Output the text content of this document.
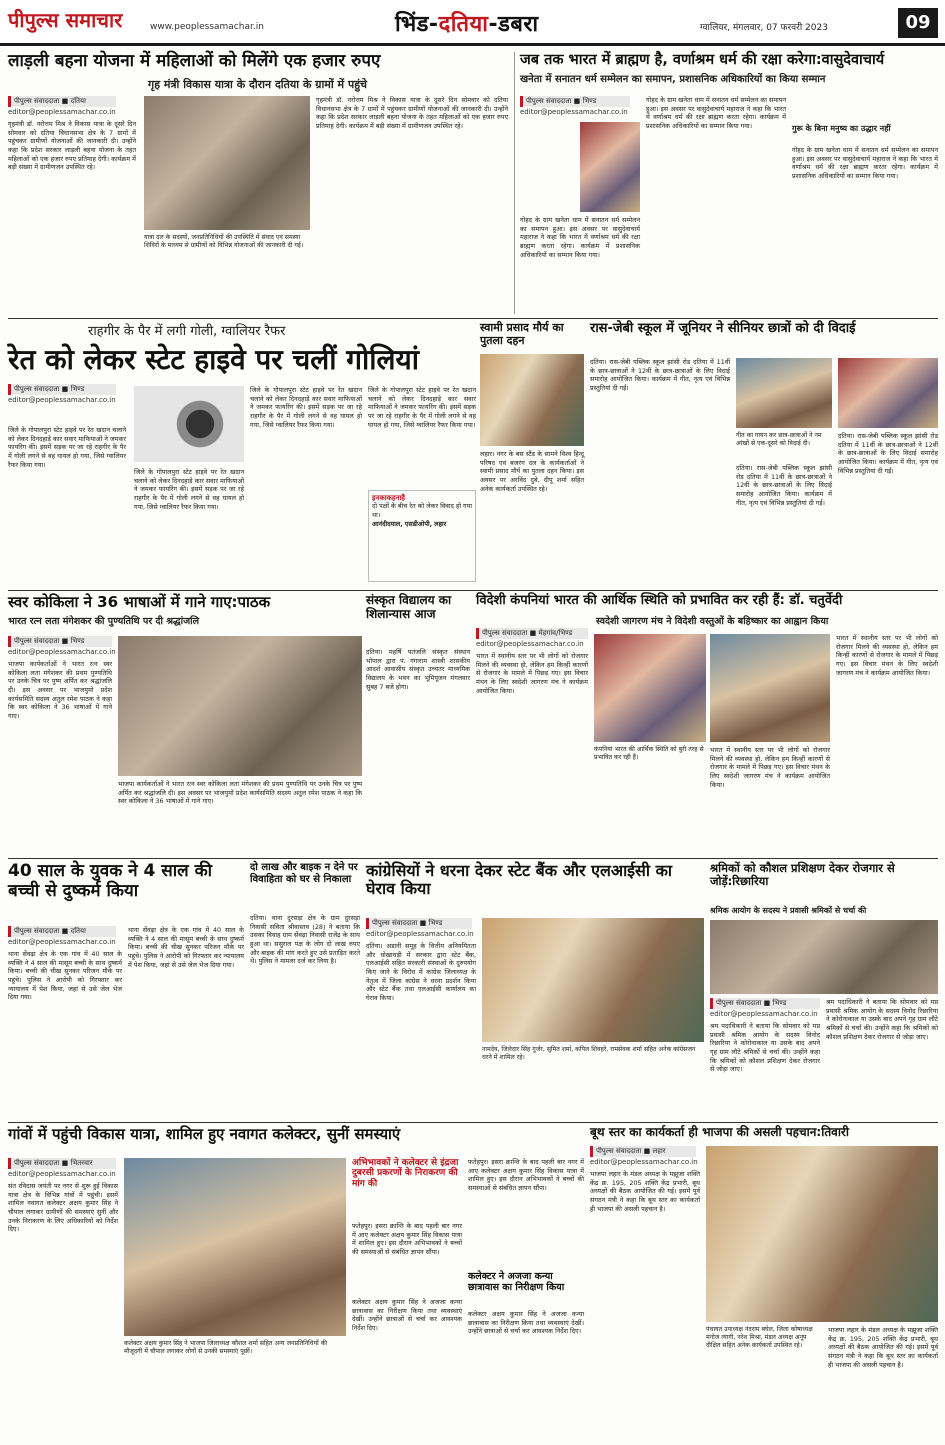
पीपुल्स समाचार	www.peoplessamachar.in	भिंड-दतिया-डबरा	ग्वालियर, मंगलवार, 07 फरवरी 2023	09
लाड़ली बहना योजना में महिलाओं को मिलेंगे एक हजार रुपए
गृह मंत्री विकास यात्रा के दौरान दतिया के ग्रामों में पहुंचे
पीपुल्स संवाददाता ■ दतिया
editor@peoplessamachar.co.in
गृहमंत्री डॉ. नरोत्तम मिश्र ने विकास यात्रा के दूसरे दिन सोमवार को दतिया विधानसभा क्षेत्र के 7 ग्रामों में पहुंचकर ग्रामीणों योजनाओं की जानकारी दी। उन्होंने कहा कि प्रदेश सरकार लाड़ली बहना योजना के तहत महिलाओं को एक हजार रुपए प्रतिमाह देगी। कार्यक्रम में बड़ी संख्या में ग्रामीणजन उपस्थित रहे।
यात्रा दल के सदस्यों, जनप्रतिनिधियों की उपस्थिति में संवाद एवं समस्या शिविरों के माध्यम से ग्रामीणों को विभिन्न योजनाओं की जानकारी दी गई।
गृहमंत्री डॉ. नरोत्तम मिश्र ने विकास यात्रा के दूसरे दिन सोमवार को दतिया विधानसभा क्षेत्र के 7 ग्रामों में पहुंचकर ग्रामीणों योजनाओं की जानकारी दी। उन्होंने कहा कि प्रदेश सरकार लाड़ली बहना योजना के तहत महिलाओं को एक हजार रुपए प्रतिमाह देगी। कार्यक्रम में बड़ी संख्या में ग्रामीणजन उपस्थित रहे।
जब तक भारत में ब्राह्मण है, वर्णाश्रम धर्म की रक्षा करेगा:वासुदेवाचार्य
खनेता में सनातन धर्म सम्मेलन का समापन, प्रशासनिक अधिकारियों का किया सम्मान
पीपुल्स संवाददाता ■ भिण्ड
editor@peoplessamachar.co.in
गोहद के ग्राम खनेता धाम में सनातन धर्म सम्मेलन का समापन हुआ। इस अवसर पर वासुदेवाचार्य महाराज ने कहा कि भारत में वर्णाश्रम धर्म की रक्षा ब्राह्मण करता रहेगा। कार्यक्रम में प्रशासनिक अधिकारियों का सम्मान किया गया।
गोहद के ग्राम खनेता धाम में सनातन धर्म सम्मेलन का समापन हुआ। इस अवसर पर वासुदेवाचार्य महाराज ने कहा कि भारत में वर्णाश्रम धर्म की रक्षा ब्राह्मण करता रहेगा। कार्यक्रम में प्रशासनिक अधिकारियों का सम्मान किया गया।	गुरू के बिना मनुष्य का उद्धार नहीं
गोहद के ग्राम खनेता धाम में सनातन धर्म सम्मेलन का समापन हुआ। इस अवसर पर वासुदेवाचार्य महाराज ने कहा कि भारत में वर्णाश्रम धर्म की रक्षा ब्राह्मण करता रहेगा। कार्यक्रम में प्रशासनिक अधिकारियों का सम्मान किया गया।
राहगीर के पैर में लगी गोली, ग्वालियर रैफर
रेत को लेकर स्टेट हाइवे पर चलीं गोलियां
पीपुल्स संवाददाता ■ भिण्ड
editor@peoplessamachar.co.in
जिले के गोपालपुरा स्टेट हाइवे पर रेत खदान चलाने को लेकर दिनदहाड़े कार सवार माफियाओं ने जमकर फायरिंग की। इसमें सड़क पर जा रहे राहगीर के पैर में गोली लगने से वह घायल हो गया, जिसे ग्वालियर रैफर किया गया।
जिले के गोपालपुरा स्टेट हाइवे पर रेत खदान चलाने को लेकर दिनदहाड़े कार सवार माफियाओं ने जमकर फायरिंग की। इसमें सड़क पर जा रहे राहगीर के पैर में गोली लगने से वह घायल हो गया, जिसे ग्वालियर रैफर किया गया।
जिले के गोपालपुरा स्टेट हाइवे पर रेत खदान चलाने को लेकर दिनदहाड़े कार सवार माफियाओं ने जमकर फायरिंग की। इसमें सड़क पर जा रहे राहगीर के पैर में गोली लगने से वह घायल हो गया, जिसे ग्वालियर रैफर किया गया।
जिले के गोपालपुरा स्टेट हाइवे पर रेत खदान चलाने को लेकर दिनदहाड़े कार सवार माफियाओं ने जमकर फायरिंग की। इसमें सड़क पर जा रहे राहगीर के पैर में गोली लगने से वह घायल हो गया, जिसे ग्वालियर रैफर किया गया।
इनकाकहनाहै
दो पक्षों के बीच रेत को लेकर विवाद हो गया था।
आनंदीदयाल, एसडीओपी, लहार
स्वामी प्रसाद मौर्य का पुतला दहन
लहार। नगर के बस स्टैंड के सामने विश्व हिन्दू परिषद एवं बजरंग दल के कार्यकर्ताओं ने स्वामी प्रसाद मौर्य का पुतला दहन किया। इस अवसर पर अरविंद दुबे, दीपू शर्मा सहित अनेक कार्यकर्ता उपस्थित रहे।
रास-जेबी स्कूल में जूनियर ने सीनियर छात्रों को दी विदाई
दतिया। रास-जेबी पब्लिक स्कूल झांसी रोड दतिया में 11वीं के छात्र-छात्राओं ने 12वीं के छात्र-छात्राओं के लिए विदाई समारोह आयोजित किया। कार्यक्रम में गीत, नृत्य एवं विभिन्न प्रस्तुतियां दी गईं।
गीत का गायन कर छात्र-छात्राओं ने नम आंखों से एक-दूसरे को विदाई दी।
दतिया। रास-जेबी पब्लिक स्कूल झांसी रोड दतिया में 11वीं के छात्र-छात्राओं ने 12वीं के छात्र-छात्राओं के लिए विदाई समारोह आयोजित किया। कार्यक्रम में गीत, नृत्य एवं विभिन्न प्रस्तुतियां दी गईं।
दतिया। रास-जेबी पब्लिक स्कूल झांसी रोड दतिया में 11वीं के छात्र-छात्राओं ने 12वीं के छात्र-छात्राओं के लिए विदाई समारोह आयोजित किया। कार्यक्रम में गीत, नृत्य एवं विभिन्न प्रस्तुतियां दी गईं।
स्वर कोकिला ने 36 भाषाओं में गाने गाए:पाठक
भारत रत्न लता मंगेशकर की पुण्यतिथि पर दी श्रद्धांजलि
पीपुल्स संवाददाता ■ भिण्ड
editor@peoplessamachar.co.in
भाजपा कार्यकर्ताओं ने भारत रत्न स्वर कोकिला लता मंगेशकर की प्रथम पुण्यतिथि पर उनके चित्र पर पुष्प अर्पित कर श्रद्धांजलि दी। इस अवसर पर भाजयुमो प्रदेश कार्यसमिति सदस्य अतुल रमेश पाठक ने कहा कि स्वर कोकिला ने 36 भाषाओं में गाने गाए।
भाजपा कार्यकर्ताओं ने भारत रत्न स्वर कोकिला लता मंगेशकर की प्रथम पुण्यतिथि पर उनके चित्र पर पुष्प अर्पित कर श्रद्धांजलि दी। इस अवसर पर भाजयुमो प्रदेश कार्यसमिति सदस्य अतुल रमेश पाठक ने कहा कि स्वर कोकिला ने 36 भाषाओं में गाने गाए।
संस्कृत विद्यालय का शिलान्यास आज
दतिया। महर्षि पतंजलि संस्कृत संस्थान भोपाल द्वारा पं. गंगाराम शास्त्री शासकीय आदर्श आवासीय संस्कृत उच्चतर माध्यमिक विद्यालय के भवन का भूमिपूजन मंगलवार सुबह 7 बजे होगा।
विदेशी कंपनियां भारत की आर्थिक स्थिति को प्रभावित कर रही हैं: डॉ. चतुर्वेदी
स्वदेशी जागरण मंच ने विदेशी वस्तुओं के बहिष्कार का आह्वान किया
पीपुल्स संवाददाता ■ मेहगांव/भिण्ड
editor@peoplessamachar.co.in
भारत में स्थानीय स्तर पर भी लोगों को रोजगार मिलने की व्यवस्था हो, लेकिन हम किन्हीं कारणों से रोजगार के मामले में पिछड़ गए। इस विचार मंथन के लिए स्वदेशी जागरण मंच ने कार्यक्रम आयोजित किया।
कंपनियां भारत की आर्थिक स्थिति को बुरी तरह से प्रभावित कर रही हैं।
भारत में स्थानीय स्तर पर भी लोगों को रोजगार मिलने की व्यवस्था हो, लेकिन हम किन्हीं कारणों से रोजगार के मामले में पिछड़ गए। इस विचार मंथन के लिए स्वदेशी जागरण मंच ने कार्यक्रम आयोजित किया।
भारत में स्थानीय स्तर पर भी लोगों को रोजगार मिलने की व्यवस्था हो, लेकिन हम किन्हीं कारणों से रोजगार के मामले में पिछड़ गए। इस विचार मंथन के लिए स्वदेशी जागरण मंच ने कार्यक्रम आयोजित किया।
40 साल के युवक ने 4 साल की बच्ची से दुष्कर्म किया
पीपुल्स संवाददाता ■ दतिया
editor@peoplessamachar.co.in
थाना सेंवढ़ा क्षेत्र के एक गांव में 40 साल के व्यक्ति ने 4 साल की मासूम बच्ची के साथ दुष्कर्म किया। बच्ची की चीख सुनकर परिजन मौके पर पहुंचे। पुलिस ने आरोपी को गिरफ्तार कर न्यायालय में पेश किया, जहां से उसे जेल भेज दिया गया।
थाना सेंवढ़ा क्षेत्र के एक गांव में 40 साल के व्यक्ति ने 4 साल की मासूम बच्ची के साथ दुष्कर्म किया। बच्ची की चीख सुनकर परिजन मौके पर पहुंचे। पुलिस ने आरोपी को गिरफ्तार कर न्यायालय में पेश किया, जहां से उसे जेल भेज दिया गया।
दो लाख और बाइक न देने पर विवाहिता को घर से निकाला
दतिया। थाना दुरसड़ा क्षेत्र के ग्राम दुरसड़ा निवासी सविता श्रीवास्तव (28) ने बताया कि उसका विवाह ग्राम सेंवढ़ा निवासी राजेंद्र के साथ हुआ था। ससुराल पक्ष के लोग दो लाख रुपए और बाइक की मांग करते हुए उसे प्रताड़ित करते थे। पुलिस ने मामला दर्ज कर लिया है।
कांग्रेसियों ने धरना देकर स्टेट बैंक और एलआईसी का घेराव किया
पीपुल्स संवाददाता ■ भिण्ड
editor@peoplessamachar.co.in
दतिया। अडानी समूह के वित्तीय अनियमितता और धोखाधड़ी में सरकार द्वारा स्टेट बैंक, एलआईसी सहित सरकारी संस्थाओं के दुरुपयोग किए जाने के विरोध में कांग्रेस जिलाध्यक्ष के नेतृत्व में जिला कांग्रेस ने धरना प्रदर्शन किया और स्टेट बैंक तथा एलआईसी कार्यालय का घेराव किया।
नामदेव, जिलेदार सिंह गुर्जर, सुमित शर्मा, कपिल शिवहरे, रामसेवक शर्मा सहित अनेक कांग्रेसजन धरने में शामिल रहे।
श्रमिकों को कौशल प्रशिक्षण देकर रोजगार से जोड़ें:रिछारिया
श्रमिक आयोग के सदस्य ने प्रवासी श्रमिकों से चर्चा की
पीपुल्स संवाददाता ■ भिण्ड
editor@peoplessamachar.co.in
श्रम पदाधिकारी ने बताया कि सोमवार को मप्र प्रवासी श्रमिक आयोग के सदस्य विनोद रिछारिया ने कोरोनाकाल या उसके बाद अपने गृह ग्राम लौटे श्रमिकों से चर्चा की। उन्होंने कहा कि श्रमिकों को कौशल प्रशिक्षण देकर रोजगार से जोड़ा जाए।
श्रम पदाधिकारी ने बताया कि सोमवार को मप्र प्रवासी श्रमिक आयोग के सदस्य विनोद रिछारिया ने कोरोनाकाल या उसके बाद अपने गृह ग्राम लौटे श्रमिकों से चर्चा की। उन्होंने कहा कि श्रमिकों को कौशल प्रशिक्षण देकर रोजगार से जोड़ा जाए।
गांवों में पहुंची विकास यात्रा, शामिल हुए नवागत कलेक्टर, सुनीं समस्याएं
पीपुल्स संवाददाता ■ भितरवार
editor@peoplessamachar.co.in
संत रविदास जयंती पर नगर से शुरू हुई विकास यात्रा क्षेत्र के विभिन्न गांवों में पहुंची। इसमें शामिल नवागत कलेक्टर अक्षय कुमार सिंह ने चौपाल लगाकर ग्रामीणों की समस्याएं सुनीं और उनके निराकरण के लिए अधिकारियों को निर्देश दिए।
कलेक्टर अक्षय कुमार सिंह ने भाजपा जिलाध्यक्ष कौशल शर्मा सहित अन्य जनप्रतिनिधियों की मौजूदगी में चौपाल लगाकर लोगों से उनकी समस्याएं पूछीं।
अभिभावकों ने कलेक्टर से इंद्रजा दुबरसी प्रकरणों के निराकरण की मांग की
फतेहपुर। इसरा क्रान्ति के बाद पहली बार नगर में आए कलेक्टर अक्षय कुमार सिंह विकास यात्रा में शामिल हुए। इस दौरान अभिभावकों ने बच्चों की समस्याओं से संबंधित ज्ञापन सौंपा।
फतेहपुर। इसरा क्रान्ति के बाद पहली बार नगर में आए कलेक्टर अक्षय कुमार सिंह विकास यात्रा में शामिल हुए। इस दौरान अभिभावकों ने बच्चों की समस्याओं से संबंधित ज्ञापन सौंपा।
कलेक्टर ने अजजा कन्या छात्रावास का निरीक्षण किया
कलेक्टर अक्षय कुमार सिंह ने अजजा कन्या छात्रावास का निरीक्षण किया तथा व्यवस्थाएं देखीं। उन्होंने छात्राओं से चर्चा कर आवश्यक निर्देश दिए।
कलेक्टर अक्षय कुमार सिंह ने अजजा कन्या छात्रावास का निरीक्षण किया तथा व्यवस्थाएं देखीं। उन्होंने छात्राओं से चर्चा कर आवश्यक निर्देश दिए।
बूथ स्तर का कार्यकर्ता ही भाजपा की असली पहचान:तिवारी
पीपुल्स संवाददाता ■ लहार
editor@peoplessamachar.co.in
भाजपा लहार के मंडल अध्यक्ष के मझूजा शक्ति केंद्र क्र. 195, 205 शक्ति केंद्र प्रभारी, बूथ अध्यक्षों की बैठक आयोजित की गई। इसमें पूर्व संगठन मंत्री ने कहा कि बूथ स्तर का कार्यकर्ता ही भाजपा की असली पहचान है।
पंचायत उपाध्यक्ष नंदराम बघेल, जिला कोषाध्यक्ष मनोज त्यागी, नरेश मिश्रा, मंडल अध्यक्ष अनूप दीक्षित सहित अनेक कार्यकर्ता उपस्थित रहे।
भाजपा लहार के मंडल अध्यक्ष के मझूजा शक्ति केंद्र क्र. 195, 205 शक्ति केंद्र प्रभारी, बूथ अध्यक्षों की बैठक आयोजित की गई। इसमें पूर्व संगठन मंत्री ने कहा कि बूथ स्तर का कार्यकर्ता ही भाजपा की असली पहचान है।
